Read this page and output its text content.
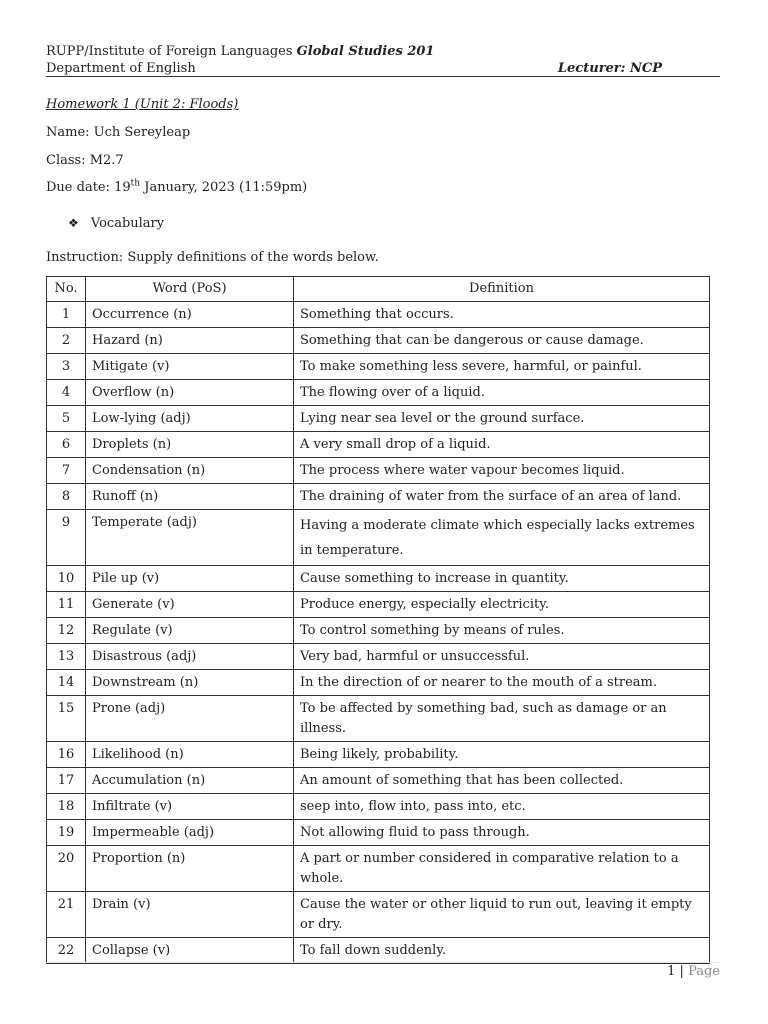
RUPP/Institute of Foreign Languages Global Studies 201
Department of English	Lecturer: NCP
Homework 1 (Unit 2: Floods)
Name: Uch Sereyleap
Class: M2.7
Due date: 19th January, 2023 (11:59pm)
❖ Vocabulary
Instruction: Supply definitions of the words below.
No.	Word (PoS)	Definition
1	Occurrence (n)	Something that occurs.
2	Hazard (n)	Something that can be dangerous or cause damage.
3	Mitigate (v)	To make something less severe, harmful, or painful.
4	Overflow (n)	The flowing over of a liquid.
5	Low-lying (adj)	Lying near sea level or the ground surface.
6	Droplets (n)	A very small drop of a liquid.
7	Condensation (n)	The process where water vapour becomes liquid.
8	Runoff (n)	The draining of water from the surface of an area of land.
9	Temperate (adj)	Having a moderate climate which especially lacks extremes in temperature.
10	Pile up (v)	Cause something to increase in quantity.
11	Generate (v)	Produce energy, especially electricity.
12	Regulate (v)	To control something by means of rules.
13	Disastrous (adj)	Very bad, harmful or unsuccessful.
14	Downstream (n)	In the direction of or nearer to the mouth of a stream.
15	Prone (adj)	To be affected by something bad, such as damage or an illness.
16	Likelihood (n)	Being likely, probability.
17	Accumulation (n)	An amount of something that has been collected.
18	Infiltrate (v)	seep into, flow into, pass into, etc.
19	Impermeable (adj)	Not allowing fluid to pass through.
20	Proportion (n)	A part or number considered in comparative relation to a whole.
21	Drain (v)	Cause the water or other liquid to run out, leaving it empty or dry.
22	Collapse (v)	To fall down suddenly.
1 | Page
